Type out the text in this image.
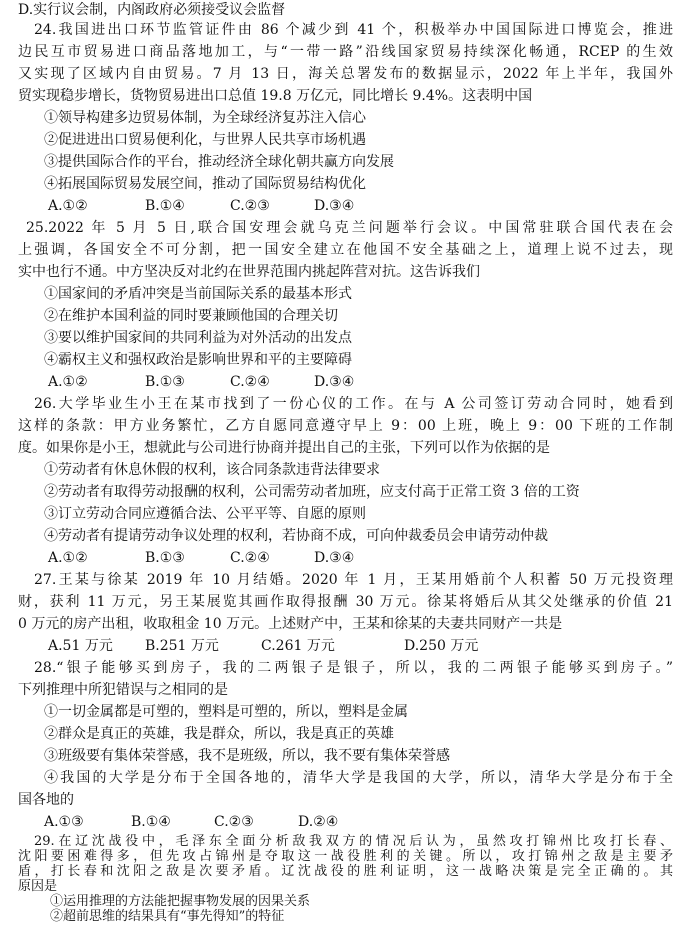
D.实行议会制，内阁政府必须接受议会监督
24.我国进出口环节监管证件由 86 个减少到 41 个，积极举办中国国际进口博览会，推进
边民互市贸易进口商品落地加工，与“一带一路”沿线国家贸易持续深化畅通，RCEP 的生效
又实现了区域内自由贸易。7 月 13 日，海关总署发布的数据显示，2022 年上半年，我国外
贸实现稳步增长，货物贸易进出口总值 19.8 万亿元，同比增长 9.4%。这表明中国
①领导构建多边贸易体制，为全球经济复苏注入信心
②促进进出口贸易便利化，与世界人民共享市场机遇
③提供国际合作的平台，推动经济全球化朝共赢方向发展
④拓展国际贸易发展空间，推动了国际贸易结构优化
A.①②	B.①④	C.②③	D.③④
25.2022 年 5 月 5 日,联合国安理会就乌克兰问题举行会议。中国常驻联合国代表在会
上强调，各国安全不可分割，把一国安全建立在他国不安全基础之上，道理上说不过去，现
实中也行不通。中方坚决反对北约在世界范围内挑起阵营对抗。这告诉我们
①国家间的矛盾冲突是当前国际关系的最基本形式
②在维护本国利益的同时要兼顾他国的合理关切
③要以维护国家间的共同利益为对外活动的出发点
④霸权主义和强权政治是影响世界和平的主要障碍
A.①②	B.①③	C.②④	D.③④
26.大学毕业生小王在某市找到了一份心仪的工作。在与 A 公司签订劳动合同时，她看到
这样的条款：甲方业务繁忙，乙方自愿同意遵守早上 9：00 上班，晚上 9：00 下班的工作制
度。如果你是小王，想就此与公司进行协商并提出自己的主张，下列可以作为依据的是
①劳动者有休息休假的权利，该合同条款违背法律要求
②劳动者有取得劳动报酬的权利，公司需劳动者加班，应支付高于正常工资 3 倍的工资
③订立劳动合同应遵循合法、公平平等、自愿的原则
④劳动者有提请劳动争议处理的权利，若协商不成，可向仲裁委员会申请劳动仲裁
A.①②	B.①③	C.②④	D.③④
27.王某与徐某 2019 年 10 月结婚。2020 年 1 月，王某用婚前个人积蓄 50 万元投资理
财，获利 11 万元，另王某展览其画作取得报酬 30 万元。徐某将婚后从其父处继承的价值 21
0 万元的房产出租，收取租金 10 万元。上述财产中，王某和徐某的夫妻共同财产一共是
A.51 万元 B.251 万元	C.261 万元	D.250 万元
28.“银子能够买到房子，我的二两银子是银子，所以，我的二两银子能够买到房子。”
下列推理中所犯错误与之相同的是
①一切金属都是可塑的，塑料是可塑的，所以，塑料是金属
②群众是真正的英雄，我是群众，所以，我是真正的英雄
③班级要有集体荣誉感，我不是班级，所以，我不要有集体荣誉感
④我国的大学是分布于全国各地的，清华大学是我国的大学，所以，清华大学是分布于全
国各地的
A.①③	B.①④	C.②③	D.②④
29.在辽沈战役中，毛泽东全面分析敌我双方的情况后认为，虽然攻打锦州比攻打长春、
沈阳要困难得多，但先攻占锦州是夺取这一战役胜利的关键。所以，攻打锦州之敌是主要矛
盾，打长春和沈阳之敌是次要矛盾。辽沈战役的胜利证明，这一战略决策是完全正确的。其
原因是
①运用推理的方法能把握事物发展的因果关系
②超前思维的结果具有“事先得知”的特征
